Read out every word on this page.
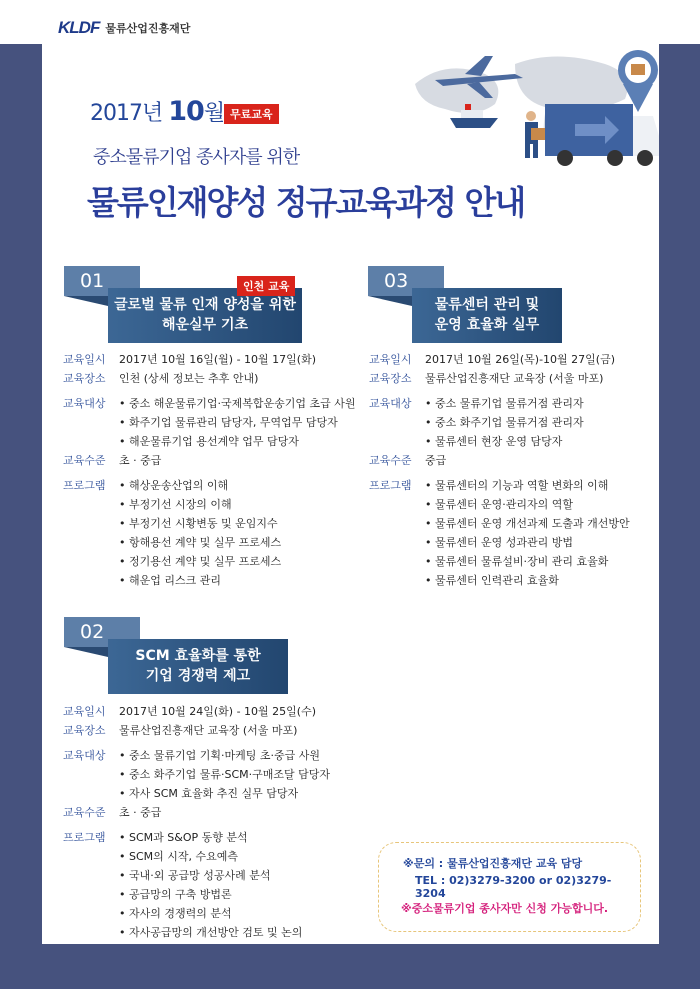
KLDF 물류산업진흥재단
2017년 10월 무료교육
중소물류기업 종사자를 위한
물류인재양성 정규교육과정 안내
01
글로벌 물류 인재 양성을 위한
해운실무 기초
인천 교육	03
물류센터 관리 및
운영 효율화 실무
02
SCM 효율화를 통한
기업 경쟁력 제고
교육일시	2017년 10월 16일(월) - 10월 17일(화)
교육장소	인천 (상세 정보는 추후 안내)
교육대상	• 중소 해운물류기업·국제복합운송기업 초급 사원
• 화주기업 물류관리 담당자, 무역업무 담당자
• 해운물류기업 용선계약 업무 담당자
교육수준	초 · 중급
프로그램	• 해상운송산업의 이해
• 부정기선 시장의 이해
• 부정기선 시황변동 및 운임지수
• 항해용선 계약 및 실무 프로세스
• 정기용선 계약 및 실무 프로세스
• 해운업 리스크 관리
교육일시	2017년 10월 26일(목)-10월 27일(금)
교육장소	물류산업진흥재단 교육장 (서울 마포)
교육대상	• 중소 물류기업 물류거점 관리자
• 중소 화주기업 물류거점 관리자
• 물류센터 현장 운영 담당자
교육수준	중급
프로그램	• 물류센터의 기능과 역할 변화의 이해
• 물류센터 운영·관리자의 역할
• 물류센터 운영 개선과제 도출과 개선방안
• 물류센터 운영 성과관리 방법
• 물류센터 물류설비·장비 관리 효율화
• 물류센터 인력관리 효율화
교육일시	2017년 10월 24일(화) - 10월 25일(수)
교육장소	물류산업진흥재단 교육장 (서울 마포)
교육대상	• 중소 물류기업 기획·마케팅 초·중급 사원
• 중소 화주기업 물류·SCM·구매조달 담당자
• 자사 SCM 효율화 추진 실무 담당자
교육수준	초 · 중급
프로그램	• SCM과 S&OP 동향 분석
• SCM의 시작, 수요예측
• 국내·외 공급망 성공사례 분석
• 공급망의 구축 방법론
• 자사의 경쟁력의 분석
• 자사공급망의 개선방안 검토 및 논의
※문의 : 물류산업진흥재단 교육 담당
TEL : 02)3279-3200 or 02)3279-3204
※중소물류기업 종사자만 신청 가능합니다.
